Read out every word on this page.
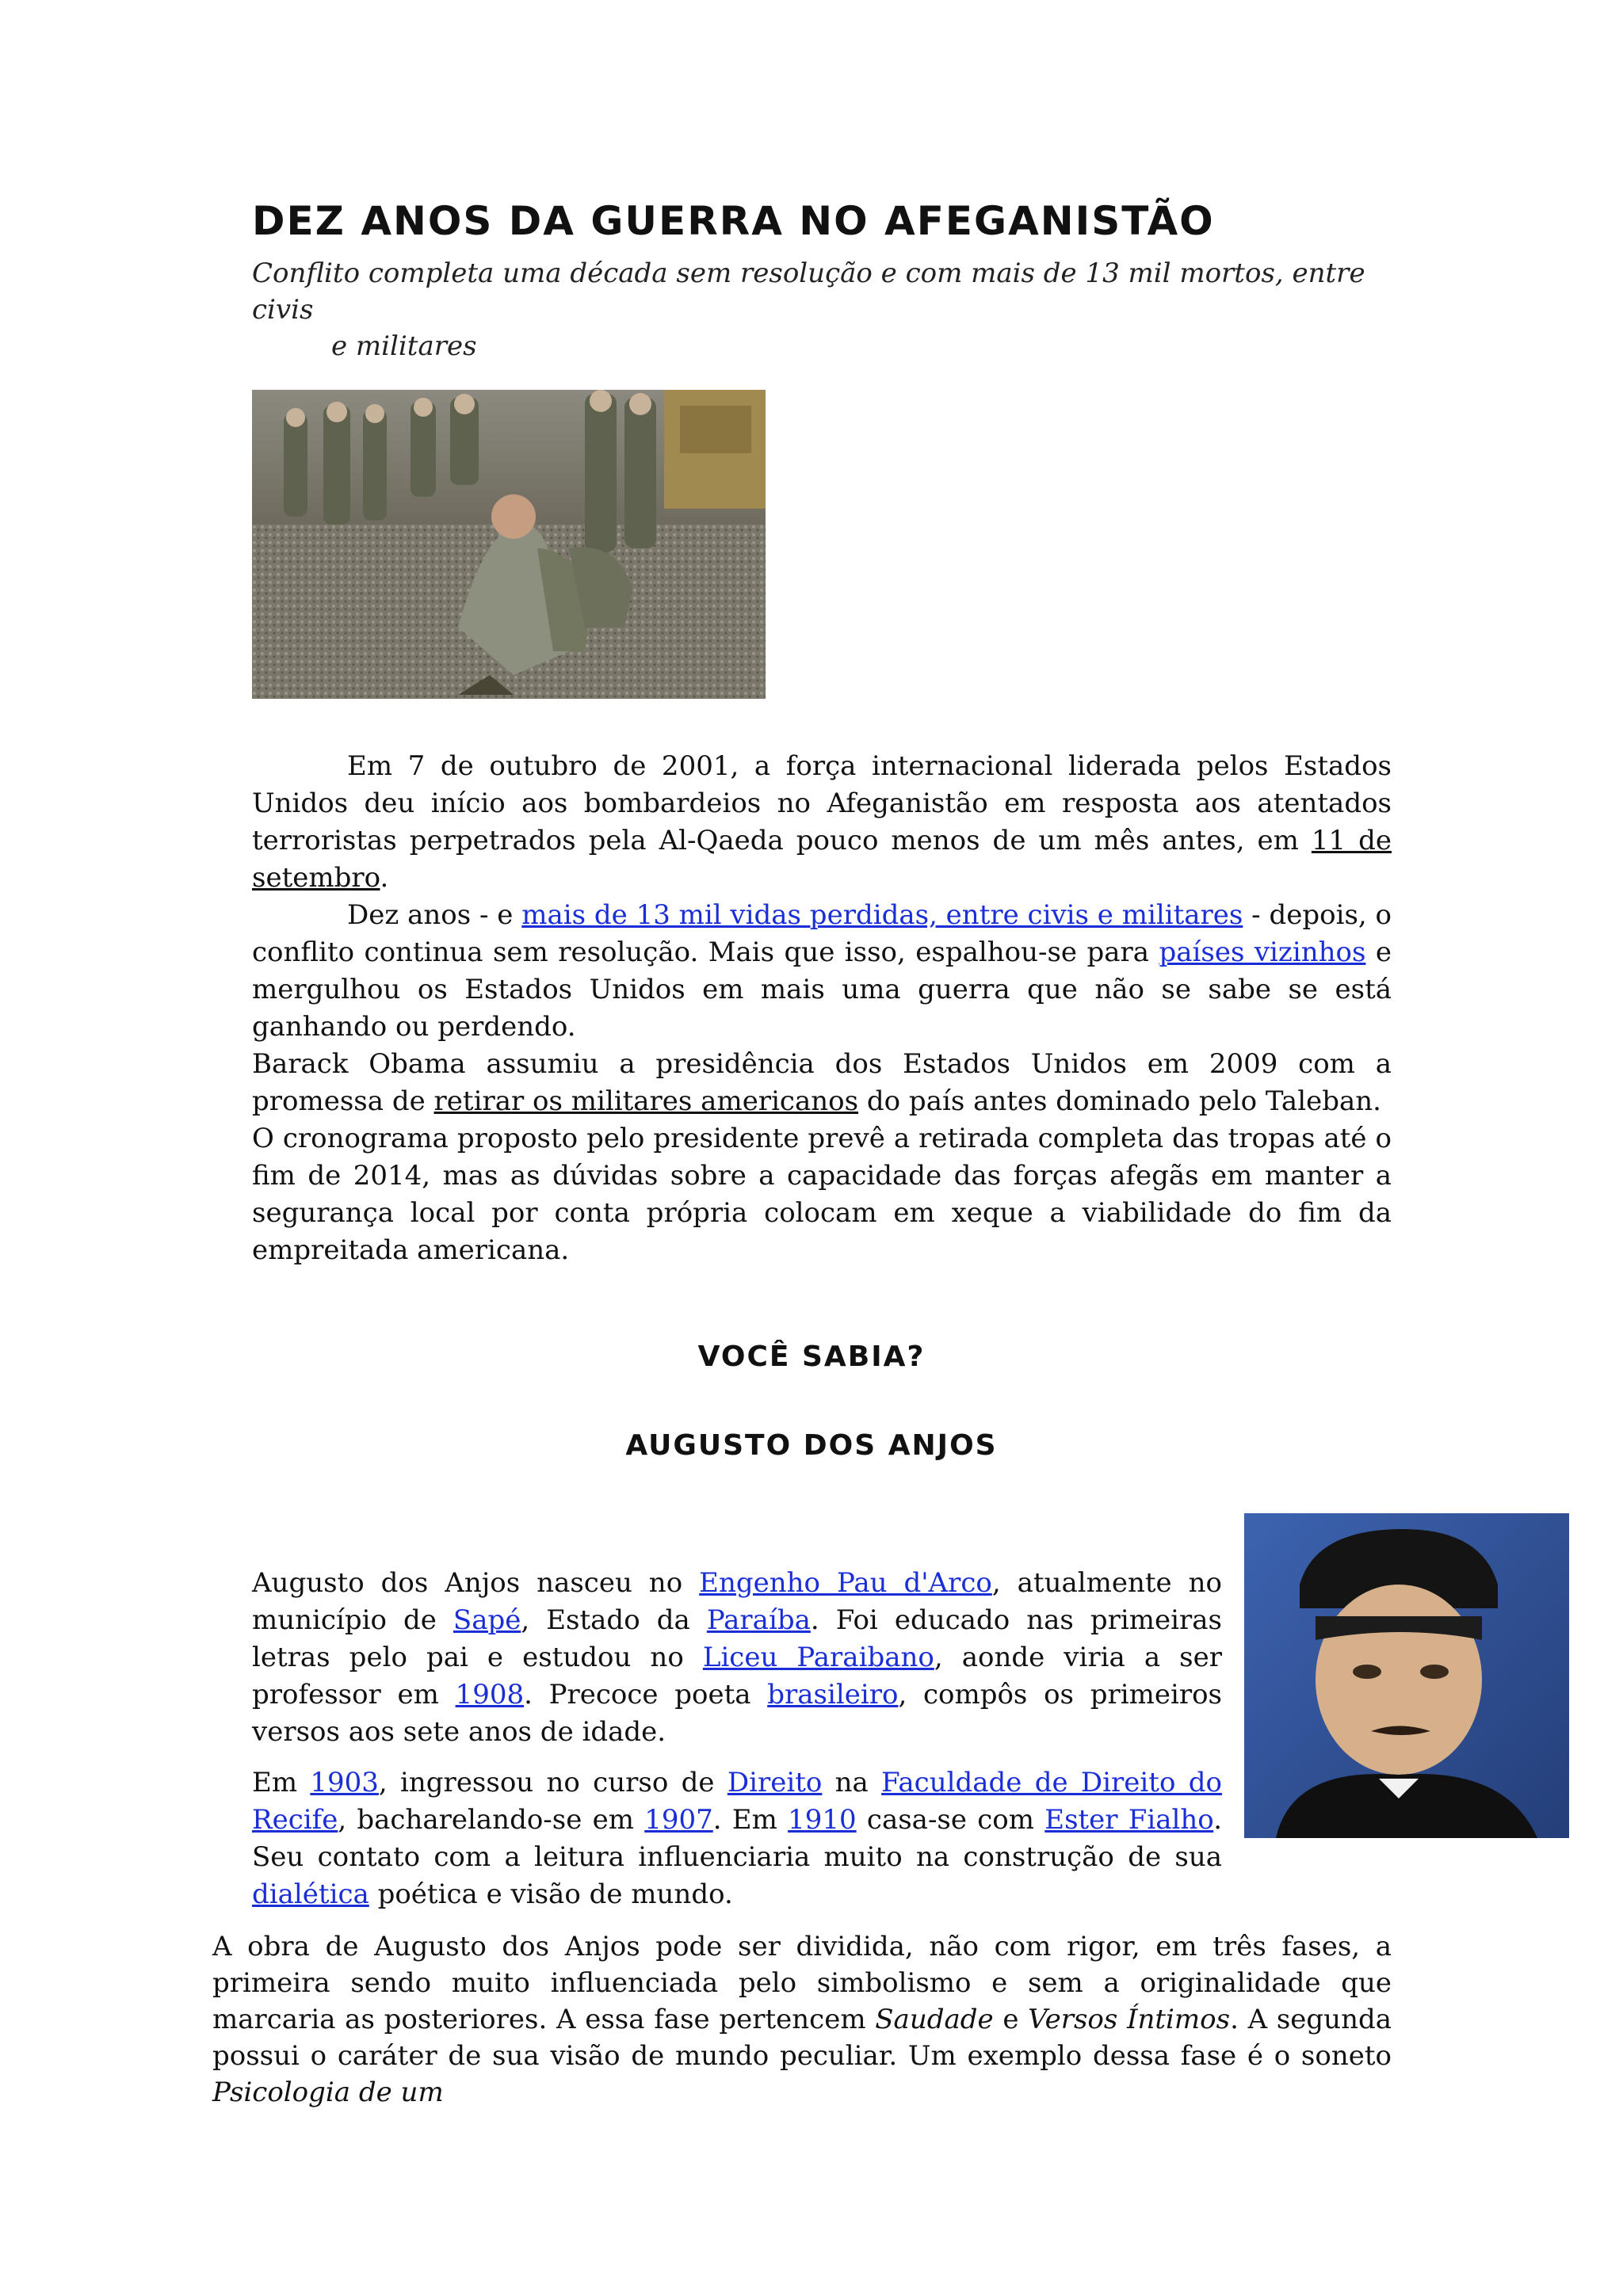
DEZ ANOS DA GUERRA NO AFEGANISTÃO
Conflito completa uma década sem resolução e com mais de 13 mil mortos, entre civis
e militares

Em 7 de outubro de 2001, a força internacional liderada pelos Estados Unidos deu início aos bombardeios no Afeganistão em resposta aos atentados terroristas perpetrados pela Al-Qaeda pouco menos de um mês antes, em 11 de setembro.

Dez anos - e mais de 13 mil vidas perdidas, entre civis e militares - depois, o conflito continua sem resolução. Mais que isso, espalhou-se para países vizinhos e mergulhou os Estados Unidos em mais uma guerra que não se sabe se está ganhando ou perdendo.

Barack Obama assumiu a presidência dos Estados Unidos em 2009 com a promessa de retirar os militares americanos do país antes dominado pelo Taleban.

O cronograma proposto pelo presidente prevê a retirada completa das tropas até o fim de 2014, mas as dúvidas sobre a capacidade das forças afegãs em manter a segurança local por conta própria colocam em xeque a viabilidade do fim da empreitada americana.

VOCÊ SABIA?
AUGUSTO DOS ANJOS

Augusto dos Anjos nasceu no Engenho Pau d'Arco, atualmente no município de Sapé, Estado da Paraíba. Foi educado nas primeiras letras pelo pai e estudou no Liceu Paraibano, aonde viria a ser professor em 1908. Precoce poeta brasileiro, compôs os primeiros versos aos sete anos de idade.

Em 1903, ingressou no curso de Direito na Faculdade de Direito do Recife, bacharelando-se em 1907. Em 1910 casa-se com Ester Fialho. Seu contato com a leitura influenciaria muito na construção de sua dialética poética e visão de mundo.

A obra de Augusto dos Anjos pode ser dividida, não com rigor, em três fases, a primeira sendo muito influenciada pelo simbolismo e sem a originalidade que marcaria as posteriores. A essa fase pertencem Saudade e Versos Íntimos. A segunda possui o caráter de sua visão de mundo peculiar. Um exemplo dessa fase é o soneto Psicologia de um
